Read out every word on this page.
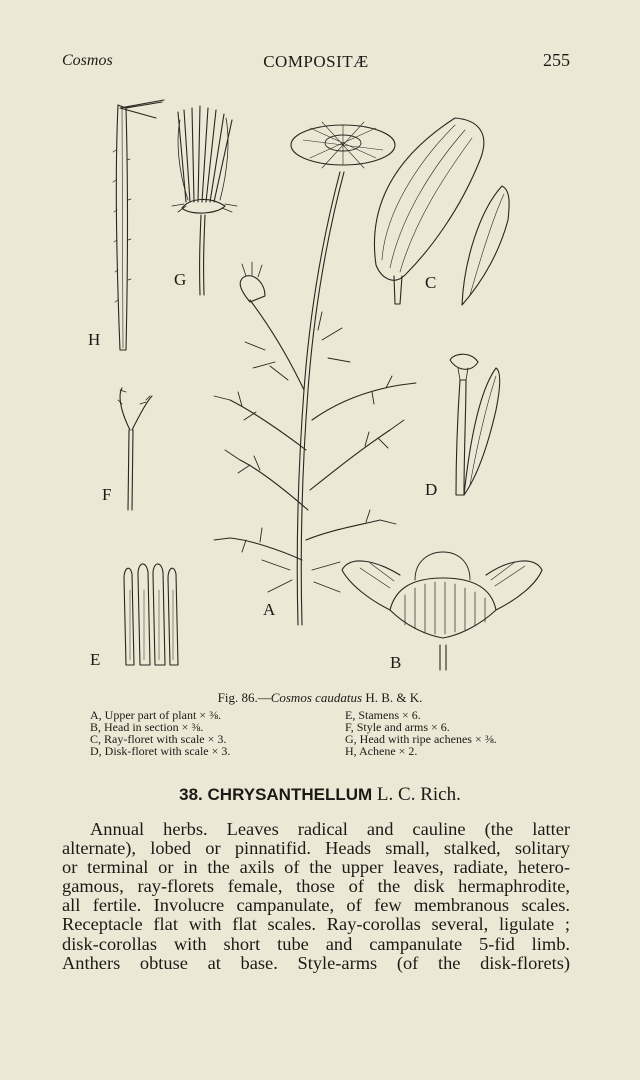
Cosmos	COMPOSITÆ	255
G	C
H
F	D
A
E	B
Fig. 86.—Cosmos caudatus H. B. & K.
A, Upper part of plant × ⅜.
B, Head in section × ⅜.
C, Ray-floret with scale × 3.
D, Disk-floret with scale × 3.
E, Stamens × 6.
F, Style and arms × 6.
G, Head with ripe achenes × ⅜.
H, Achene × 2.
38. CHRYSANTHELLUM L. C. Rich.
Annual herbs. Leaves radical and cauline (the latter
alternate), lobed or pinnatifid. Heads small, stalked, solitary
or terminal or in the axils of the upper leaves, radiate, hetero-
gamous, ray-florets female, those of the disk hermaphrodite,
all fertile. Involucre campanulate, of few membranous scales.
Receptacle flat with flat scales. Ray-corollas several, ligulate ;
disk-corollas with short tube and campanulate 5-fid limb.
Anthers obtuse at base. Style-arms (of the disk-florets)
